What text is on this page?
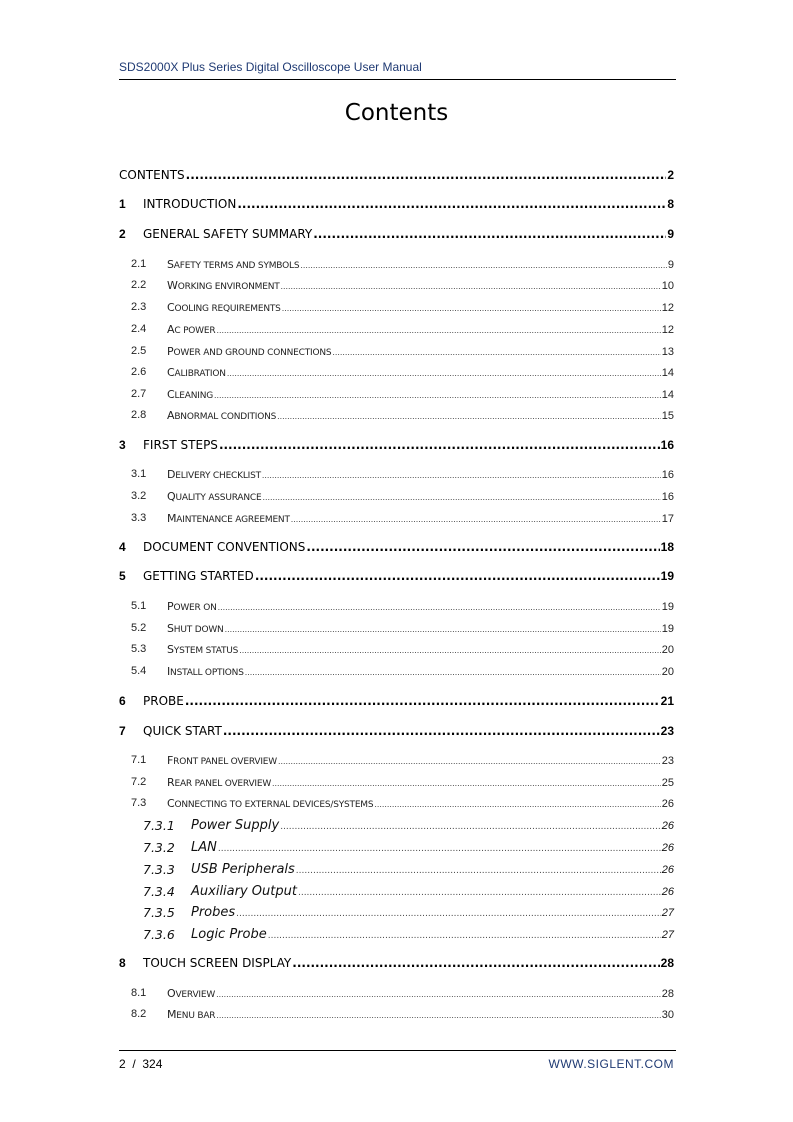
SDS2000X Plus Series Digital Oscilloscope User Manual
Contents
CONTENTS .....	2
1 INTRODUCTION .....	8
2 GENERAL SAFETY SUMMARY .....	9
2.1 SAFETY TERMS AND SYMBOLS .....	9
2.2 WORKING ENVIRONMENT .....	10
2.3 COOLING REQUIREMENTS .....	12
2.4 AC POWER .....	12
2.5 POWER AND GROUND CONNECTIONS .....	13
2.6 CALIBRATION .....	14
2.7 CLEANING .....	14
2.8 ABNORMAL CONDITIONS .....	15
3 FIRST STEPS .....	16
3.1 DELIVERY CHECKLIST .....	16
3.2 QUALITY ASSURANCE .....	16
3.3 MAINTENANCE AGREEMENT .....	17
4 DOCUMENT CONVENTIONS .....	18
5 GETTING STARTED .....	19
5.1 POWER ON .....	19
5.2 SHUT DOWN .....	19
5.3 SYSTEM STATUS .....	20
5.4 INSTALL OPTIONS .....	20
6 PROBE .....	21
7 QUICK START .....	23
7.1 FRONT PANEL OVERVIEW .....	23
7.2 REAR PANEL OVERVIEW .....	25
7.3 CONNECTING TO EXTERNAL DEVICES/SYSTEMS .....	26
7.3.1 Power Supply .....	26
7.3.2 LAN .....	26
7.3.3 USB Peripherals .....	26
7.3.4 Auxiliary Output .....	26
7.3.5 Probes .....	27
7.3.6 Logic Probe .....	27
8 TOUCH SCREEN DISPLAY .....	28
8.1 OVERVIEW .....	28
8.2 MENU BAR .....	30
2  /  324	WWW.SIGLENT.COM
